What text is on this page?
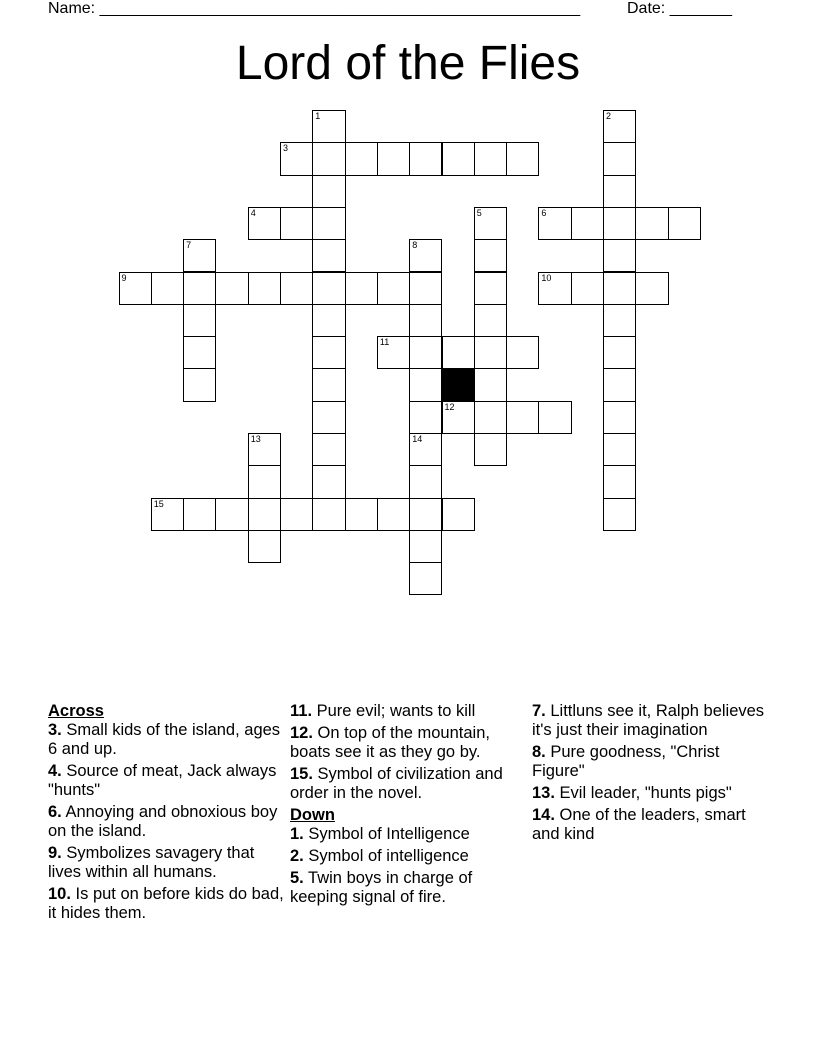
Name: ______________________________________________________	Date: _______
Lord of the Flies
1	2
3
4	6
5
7	8
9	10
11
12
13	14
15
Across
3. Small kids of the island, ages 6 and up.
4. Source of meat, Jack always "hunts"
6. Annoying and obnoxious boy on the island.
9. Symbolizes savagery that lives within all humans.
10. Is put on before kids do bad, it hides them.
11. Pure evil; wants to kill
12. On top of the mountain, boats see it as they go by.
15. Symbol of civilization and order in the novel.
Down
1. Symbol of Intelligence
2. Symbol of intelligence
5. Twin boys in charge of keeping signal of fire.
7. Littluns see it, Ralph believes it's just their imagination
8. Pure goodness, "Christ Figure"
13. Evil leader, "hunts pigs"
14. One of the leaders, smart and kind
